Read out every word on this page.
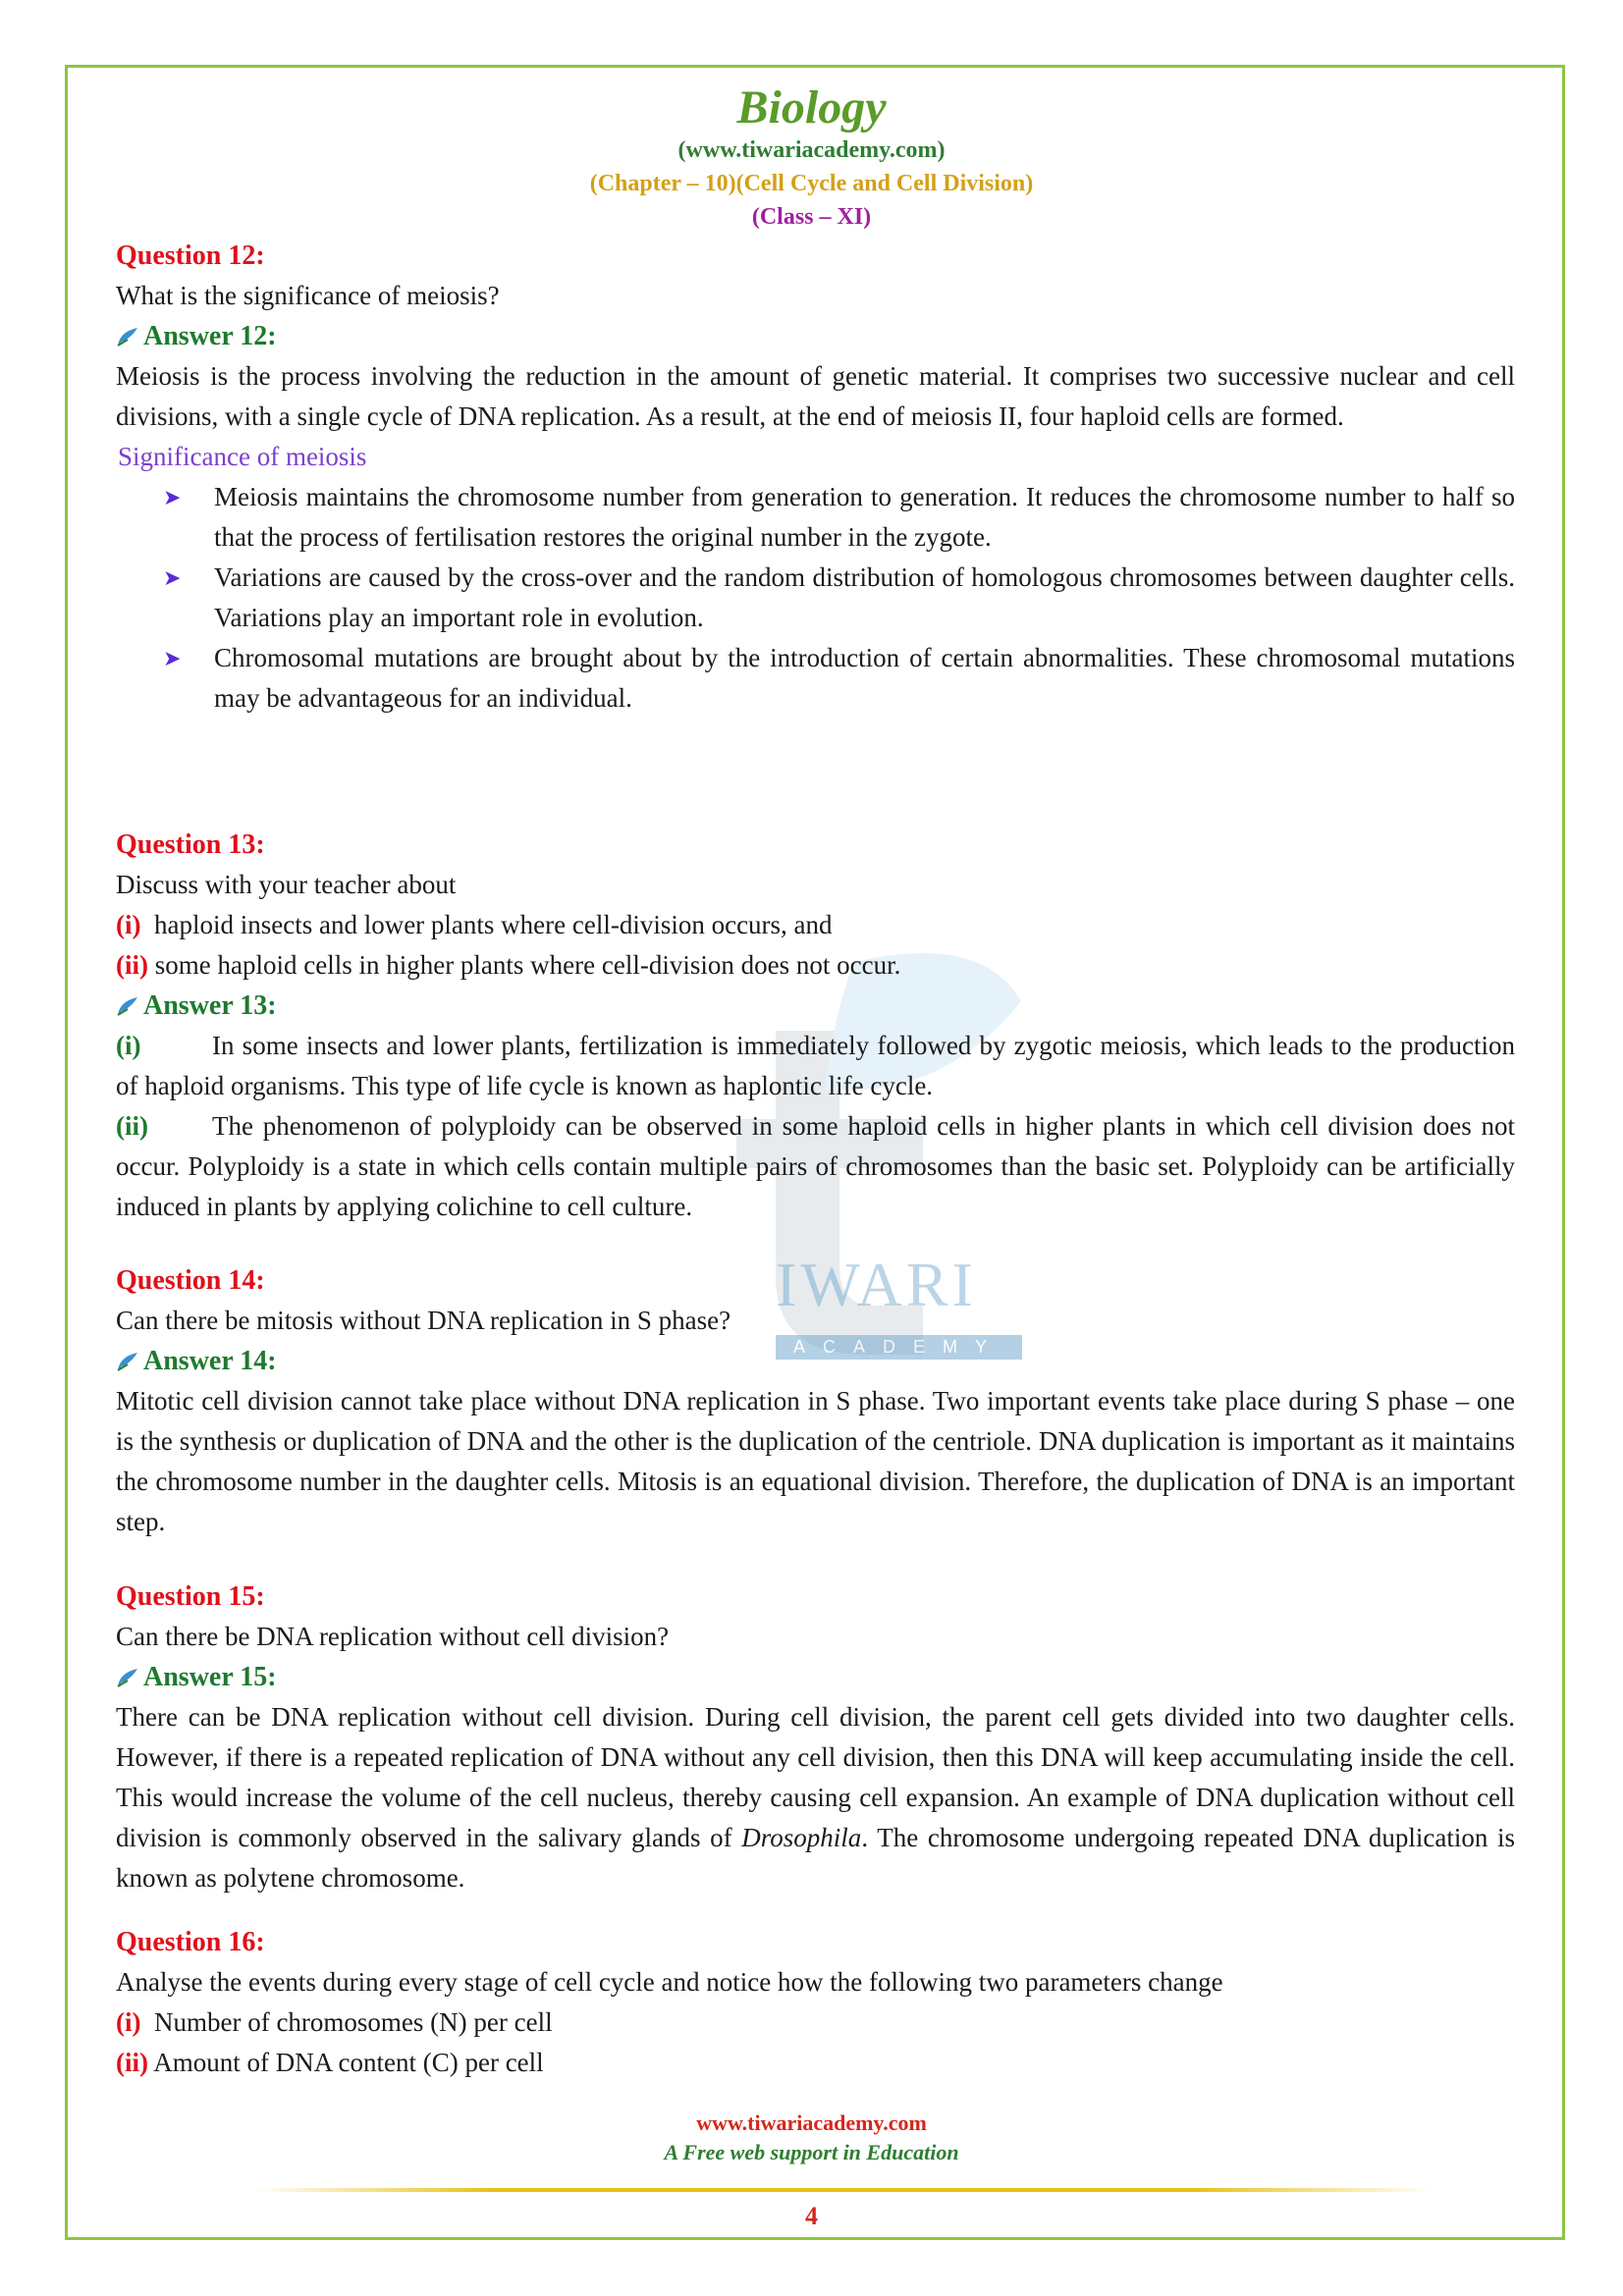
IWARI
ACADEMY
Biology
(www.tiwariacademy.com)
(Chapter – 10)(Cell Cycle and Cell Division)
(Class – XI)
Question 12:

What is the significance of meiosis?

Answer 12:

Meiosis is the process involving the reduction in the amount of genetic material. It comprises two successive nuclear and cell divisions, with a single cycle of DNA replication. As a result, at the end of meiosis II, four haploid cells are formed.

Significance of meiosis

➤ Meiosis maintains the chromosome number from generation to generation. It reduces the chromosome number to half so that the process of fertilisation restores the original number in the zygote.
➤ Variations are caused by the cross-over and the random distribution of homologous chromosomes between daughter cells. Variations play an important role in evolution.
➤ Chromosomal mutations are brought about by the introduction of certain abnormalities. These chromosomal mutations may be advantageous for an individual.
Question 13:

Discuss with your teacher about

(i) haploid insects and lower plants where cell-division occurs, and

(ii) some haploid cells in higher plants where cell-division does not occur.

Answer 13:

(i)	In some insects and lower plants, fertilization is immediately followed by zygotic meiosis, which leads to the production of haploid organisms. This type of life cycle is known as haplontic life cycle.

(ii) The phenomenon of polyploidy can be observed in some haploid cells in higher plants in which cell division does not occur. Polyploidy is a state in which cells contain multiple pairs of chromosomes than the basic set. Polyploidy can be artificially induced in plants by applying colichine to cell culture.

Question 14:

Can there be mitosis without DNA replication in S phase?

Answer 14:

Mitotic cell division cannot take place without DNA replication in S phase. Two important events take place during S phase – one is the synthesis or duplication of DNA and the other is the duplication of the centriole. DNA duplication is important as it maintains the chromosome number in the daughter cells. Mitosis is an equational division. Therefore, the duplication of DNA is an important step.

Question 15:

Can there be DNA replication without cell division?

Answer 15:

There can be DNA replication without cell division. During cell division, the parent cell gets divided into two daughter cells. However, if there is a repeated replication of DNA without any cell division, then this DNA will keep accumulating inside the cell. This would increase the volume of the cell nucleus, thereby causing cell expansion. An example of DNA duplication without cell division is commonly observed in the salivary glands of Drosophila. The chromosome undergoing repeated DNA duplication is known as polytene chromosome.

Question 16:

Analyse the events during every stage of cell cycle and notice how the following two parameters change

(i) Number of chromosomes (N) per cell

(ii) Amount of DNA content (C) per cell

www.tiwariacademy.com
A Free web support in Education
4
